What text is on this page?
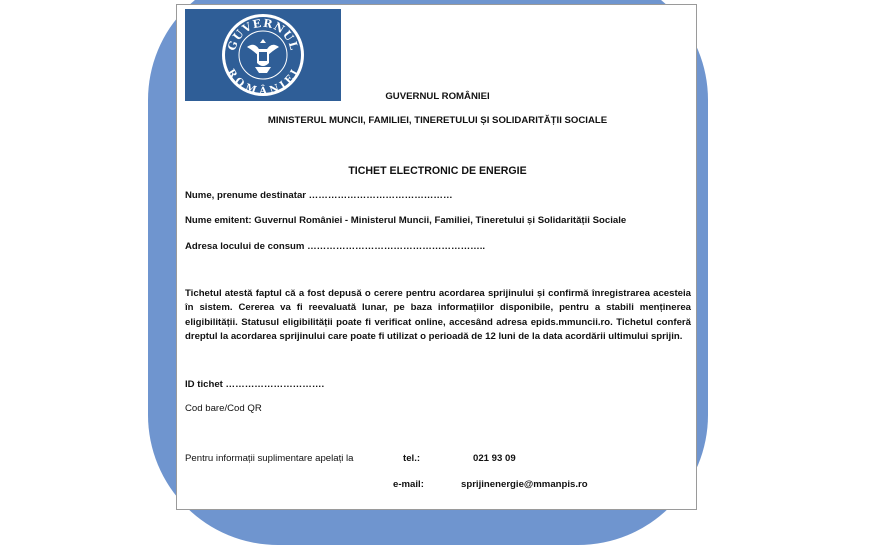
GUVERNUL
ROMÂNIEI
GUVERNUL ROMÂNIEI
MINISTERUL MUNCII, FAMILIEI, TINERETULUI ȘI SOLIDARITĂȚII SOCIALE
TICHET ELECTRONIC DE ENERGIE
Nume, prenume destinatar ………………………………………
Nume emitent: Guvernul României - Ministerul Muncii, Familiei, Tineretului și Solidarității Sociale
Adresa locului de consum ………………………………………………..
Tichetul atestă faptul că a fost depusă o cerere pentru acordarea sprijinului și confirmă înregistrarea acesteia în sistem. Cererea va fi reevaluată lunar, pe baza informațiilor disponibile, pentru a stabili menținerea eligibilității. Statusul eligibilității poate fi verificat online, accesând adresa epids.mmuncii.ro. Tichetul conferă dreptul la acordarea sprijinului care poate fi utilizat o perioadă de 12 luni de la data acordării ultimului sprijin.
ID tichet ………………………….
Cod bare/Cod QR
Pentru informații suplimentare apelați la	tel.:	021 93 09
e-mail:	sprijinenergie@mmanpis.ro
